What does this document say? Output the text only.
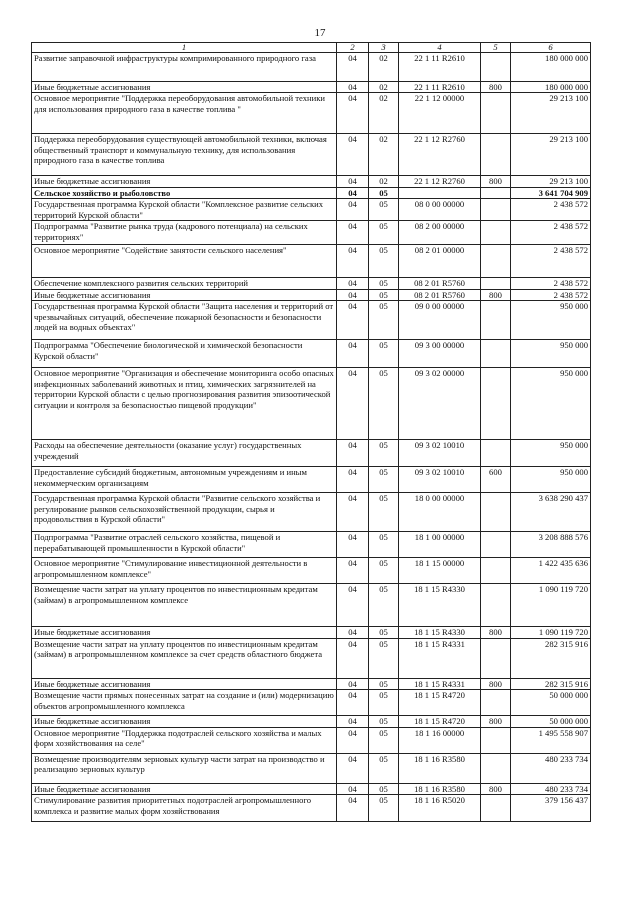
17
1	2	3	4	5	6
Развитие заправочной инфраструктуры компримированного природного газа	04	02	22 1 11 R2610		180 000 000
Иные бюджетные ассигнования	04	02	22 1 11 R2610	800	180 000 000
Основное мероприятие "Поддержка переоборудования автомобильной техники для использования природного газа в качестве топлива "	04	02	22 1 12 00000		29 213 100
Поддержка переоборудования существующей автомобильной техники, включая общественный транспорт и коммунальную технику, для использования природного газа в качестве топлива	04	02	22 1 12 R2760		29 213 100
Иные бюджетные ассигнования	04	02	22 1 12 R2760	800	29 213 100
Сельское хозяйство и рыболовство	04	05			3 641 704 909
Государственная программа Курской области "Комплексное развитие сельских территорий Курской области"	04	05	08 0 00 00000		2 438 572
Подпрограмма "Развитие рынка труда (кадрового потенциала) на сельских территориях"	04	05	08 2 00 00000		2 438 572
Основное мероприятие "Содействие занятости сельского населения"	04	05	08 2 01 00000		2 438 572
Обеспечение комплексного развития сельских территорий	04	05	08 2 01 R5760		2 438 572
Иные бюджетные ассигнования	04	05	08 2 01 R5760	800	2 438 572
Государственная программа Курской области "Защита населения и территорий от чрезвычайных ситуаций, обеспечение пожарной безопасности и безопасности людей на водных объектах"	04	05	09 0 00 00000		950 000
Подпрограмма "Обеспечение биологической и химической безопасности Курской области"	04	05	09 3 00 00000		950 000
Основное мероприятие "Организация и обеспечение мониторинга особо опасных инфекционных заболеваний животных и птиц, химических загрязнителей на территории Курской области с целью прогнозирования развития эпизоотической ситуации и контроля за безопасностью пищевой продукции"	04	05	09 3 02 00000		950 000
Расходы на обеспечение деятельности (оказание услуг) государственных учреждений	04	05	09 3 02 10010		950 000
Предоставление субсидий бюджетным, автономным учреждениям и иным некоммерческим организациям	04	05	09 3 02 10010	600	950 000
Государственная программа Курской области "Развитие сельского хозяйства и регулирование рынков сельскохозяйственной продукции, сырья и продовольствия в Курской области"	04	05	18 0 00 00000		3 638 290 437
Подпрограмма "Развитие отраслей сельского хозяйства, пищевой и перерабатывающей промышленности в Курской области"	04	05	18 1 00 00000		3 208 888 576
Основное мероприятие "Стимулирование инвестиционной деятельности в агропромышленном комплексе"	04	05	18 1 15 00000		1 422 435 636
Возмещение части затрат на уплату процентов по инвестиционным кредитам (займам) в агропромышленном комплексе	04	05	18 1 15 R4330		1 090 119 720
Иные бюджетные ассигнования	04	05	18 1 15 R4330	800	1 090 119 720
Возмещение части затрат на уплату процентов по инвестиционным кредитам (займам) в агропромышленном комплексе за счет средств областного бюджета	04	05	18 1 15 R4331		282 315 916
Иные бюджетные ассигнования	04	05	18 1 15 R4331	800	282 315 916
Возмещение части прямых понесенных затрат на создание и (или) модернизацию объектов агропромышленного комплекса	04	05	18 1 15 R4720		50 000 000
Иные бюджетные ассигнования	04	05	18 1 15 R4720	800	50 000 000
Основное мероприятие "Поддержка подотраслей сельского хозяйства и малых форм хозяйствования на селе"	04	05	18 1 16 00000		1 495 558 907
Возмещение производителям зерновых культур части затрат на производство и реализацию зерновых культур	04	05	18 1 16 R3580		480 233 734
Иные бюджетные ассигнования	04	05	18 1 16 R3580	800	480 233 734
Стимулирование развития приоритетных подотраслей агропромышленного комплекса и развитие малых форм хозяйствования	04	05	18 1 16 R5020		379 156 437
